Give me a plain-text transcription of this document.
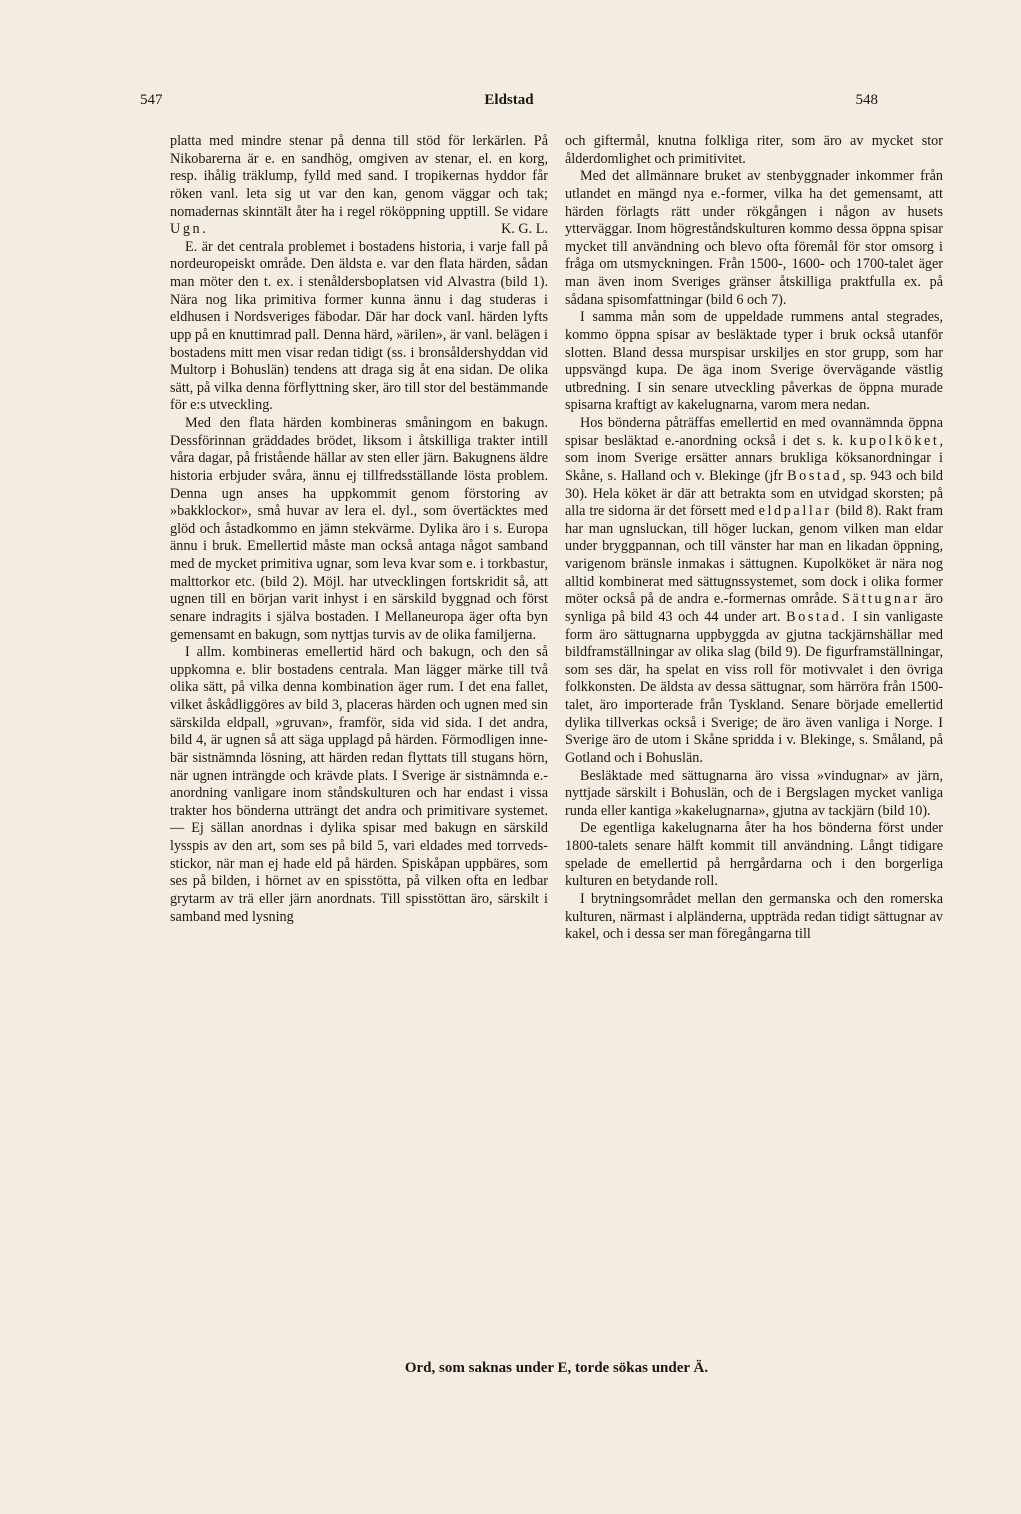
547	Eldstad	548

platta med mindre stenar på denna till stöd för lerkärlen. På Nikobarerna är e. en sandhög, omgiven av stenar, el. en korg, resp. ihålig träklump, fylld med sand. I tropikernas hyddor får röken vanl. leta sig ut var den kan, genom väggar och tak; nomadernas skinntält åter ha i regel rököppning upptill. Se vidare Ugn.	K. G. L.

E. är det centrala problemet i bostadens historia, i varje fall på nordeuropeiskt område. Den äldsta e. var den flata härden, sådan man möter den t. ex. i stenåldersboplatsen vid Alvastra (bild 1). Nära nog lika primitiva former kunna ännu i dag studeras i eldhusen i Nordsveriges fäbodar. Där har dock vanl. härden lyfts upp på en knuttimrad pall. Denna härd, »ärilen», är vanl. belägen i bostadens mitt men visar redan tidigt (ss. i bronsåldershyddan vid Multorp i Bohuslän) tendens att draga sig åt ena sidan. De olika sätt, på vilka denna förflyttning sker, äro till stor del bestämmande för e:s utveckling.

Med den flata härden kombineras småningom en bakugn. Dessförinnan gräddades brödet, liksom i åtskilliga trakter intill våra dagar, på fristående hällar av sten eller järn. Bakugnens äldre historia erbjuder svåra, ännu ej tillfredsställande lösta problem. Denna ugn anses ha uppkommit genom förstoring av »bakklockor», små huvar av lera el. dyl., som övertäcktes med glöd och åstadkommo en jämn stekvärme. Dylika äro i s. Europa ännu i bruk. Emellertid måste man också antaga något samband med de mycket primitiva ugnar, som leva kvar som e. i torkbastur, malttorkor etc. (bild 2). Möjl. har utvecklingen fortskridit så, att ugnen till en början varit inhyst i en särskild byggnad och först senare indragits i själva bostaden. I Mellaneuropa äger ofta byn gemensamt en bakugn, som nyttjas turvis av de olika familjerna.

I allm. kombineras emellertid härd och bakugn, och den så uppkomna e. blir bostadens centrala. Man lägger märke till två olika sätt, på vilka denna kombination äger rum. I det ena fallet, vilket åskådliggöres av bild 3, placeras härden och ugnen med sin särskilda eldpall, »gruvan», framför, sida vid sida. I det andra, bild 4, är ugnen så att säga upplagd på härden. Förmodligen innebär sistnämnda lösning, att härden redan flyttats till stugans hörn, när ugnen inträngde och krävde plats. I Sverige är sistnämnda e.-anordning vanligare inom ståndskulturen och har endast i vissa trakter hos bönderna utträngt det andra och primitivare systemet. — Ej sällan anordnas i dylika spisar med bakugn en särskild lysspis av den art, som ses på bild 5, vari eldades med torrvedsstickor, när man ej hade eld på härden. Spiskåpan uppbäres, som ses på bilden, i hörnet av en spisstötta, på vilken ofta en ledbar grytarm av trä eller järn anordnats. Till spisstöttan äro, särskilt i samband med lysning

och giftermål, knutna folkliga riter, som äro av mycket stor ålderdomlighet och primitivitet.

Med det allmännare bruket av stenbyggnader inkommer från utlandet en mängd nya e.-former, vilka ha det gemensamt, att härden förlagts rätt under rökgången i någon av husets ytterväggar. Inom högreståndskulturen kommo dessa öppna spisar mycket till användning och blevo ofta föremål för stor omsorg i fråga om utsmyckningen. Från 1500-, 1600- och 1700-talet äger man även inom Sveriges gränser åtskilliga praktfulla ex. på sådana spisomfattningar (bild 6 och 7).

I samma mån som de uppeldade rummens antal stegrades, kommo öppna spisar av besläktade typer i bruk också utanför slotten. Bland dessa murspisar urskiljes en stor grupp, som har uppsvängd kupa. De äga inom Sverige övervägande västlig utbredning. I sin senare utveckling påverkas de öppna murade spisarna kraftigt av kakelugnarna, varom mera nedan.

Hos bönderna påträffas emellertid en med ovannämnda öppna spisar besläktad e.-anordning också i det s. k. kupolköket, som inom Sverige ersätter annars brukliga köksanordningar i Skåne, s. Halland och v. Blekinge (jfr Bostad, sp. 943 och bild 30). Hela köket är där att betrakta som en utvidgad skorsten; på alla tre sidorna är det försett med eldpallar (bild 8). Rakt fram har man ugnsluckan, till höger luckan, genom vilken man eldar under bryggpannan, och till vänster har man en likadan öppning, varigenom bränsle inmakas i sättugnen. Kupolköket är nära nog alltid kombinerat med sättugnssystemet, som dock i olika former möter också på de andra e.-formernas område. Sättugnar äro synliga på bild 43 och 44 under art. Bostad. I sin vanligaste form äro sättugnarna uppbyggda av gjutna tackjärnshällar med bildframställningar av olika slag (bild 9). De figurframställningar, som ses där, ha spelat en viss roll för motivvalet i den övriga folkkonsten. De äldsta av dessa sättugnar, som härröra från 1500-talet, äro importerade från Tyskland. Senare började emellertid dylika tillverkas också i Sverige; de äro även vanliga i Norge. I Sverige äro de utom i Skåne spridda i v. Blekinge, s. Småland, på Gotland och i Bohuslän.

Besläktade med sättugnarna äro vissa »vindugnar» av järn, nyttjade särskilt i Bohuslän, och de i Bergslagen mycket vanliga runda eller kantiga »kakelugnarna», gjutna av tackjärn (bild 10).

De egentliga kakelugnarna åter ha hos bönderna först under 1800-talets senare hälft kommit till användning. Långt tidigare spelade de emellertid på herrgårdarna och i den borgerliga kulturen en betydande roll.

I brytningsområdet mellan den germanska och den romerska kulturen, närmast i alpländerna, uppträda redan tidigt sättugnar av kakel, och i dessa ser man föregångarna till

Ord, som saknas under E, torde sökas under Ä.
